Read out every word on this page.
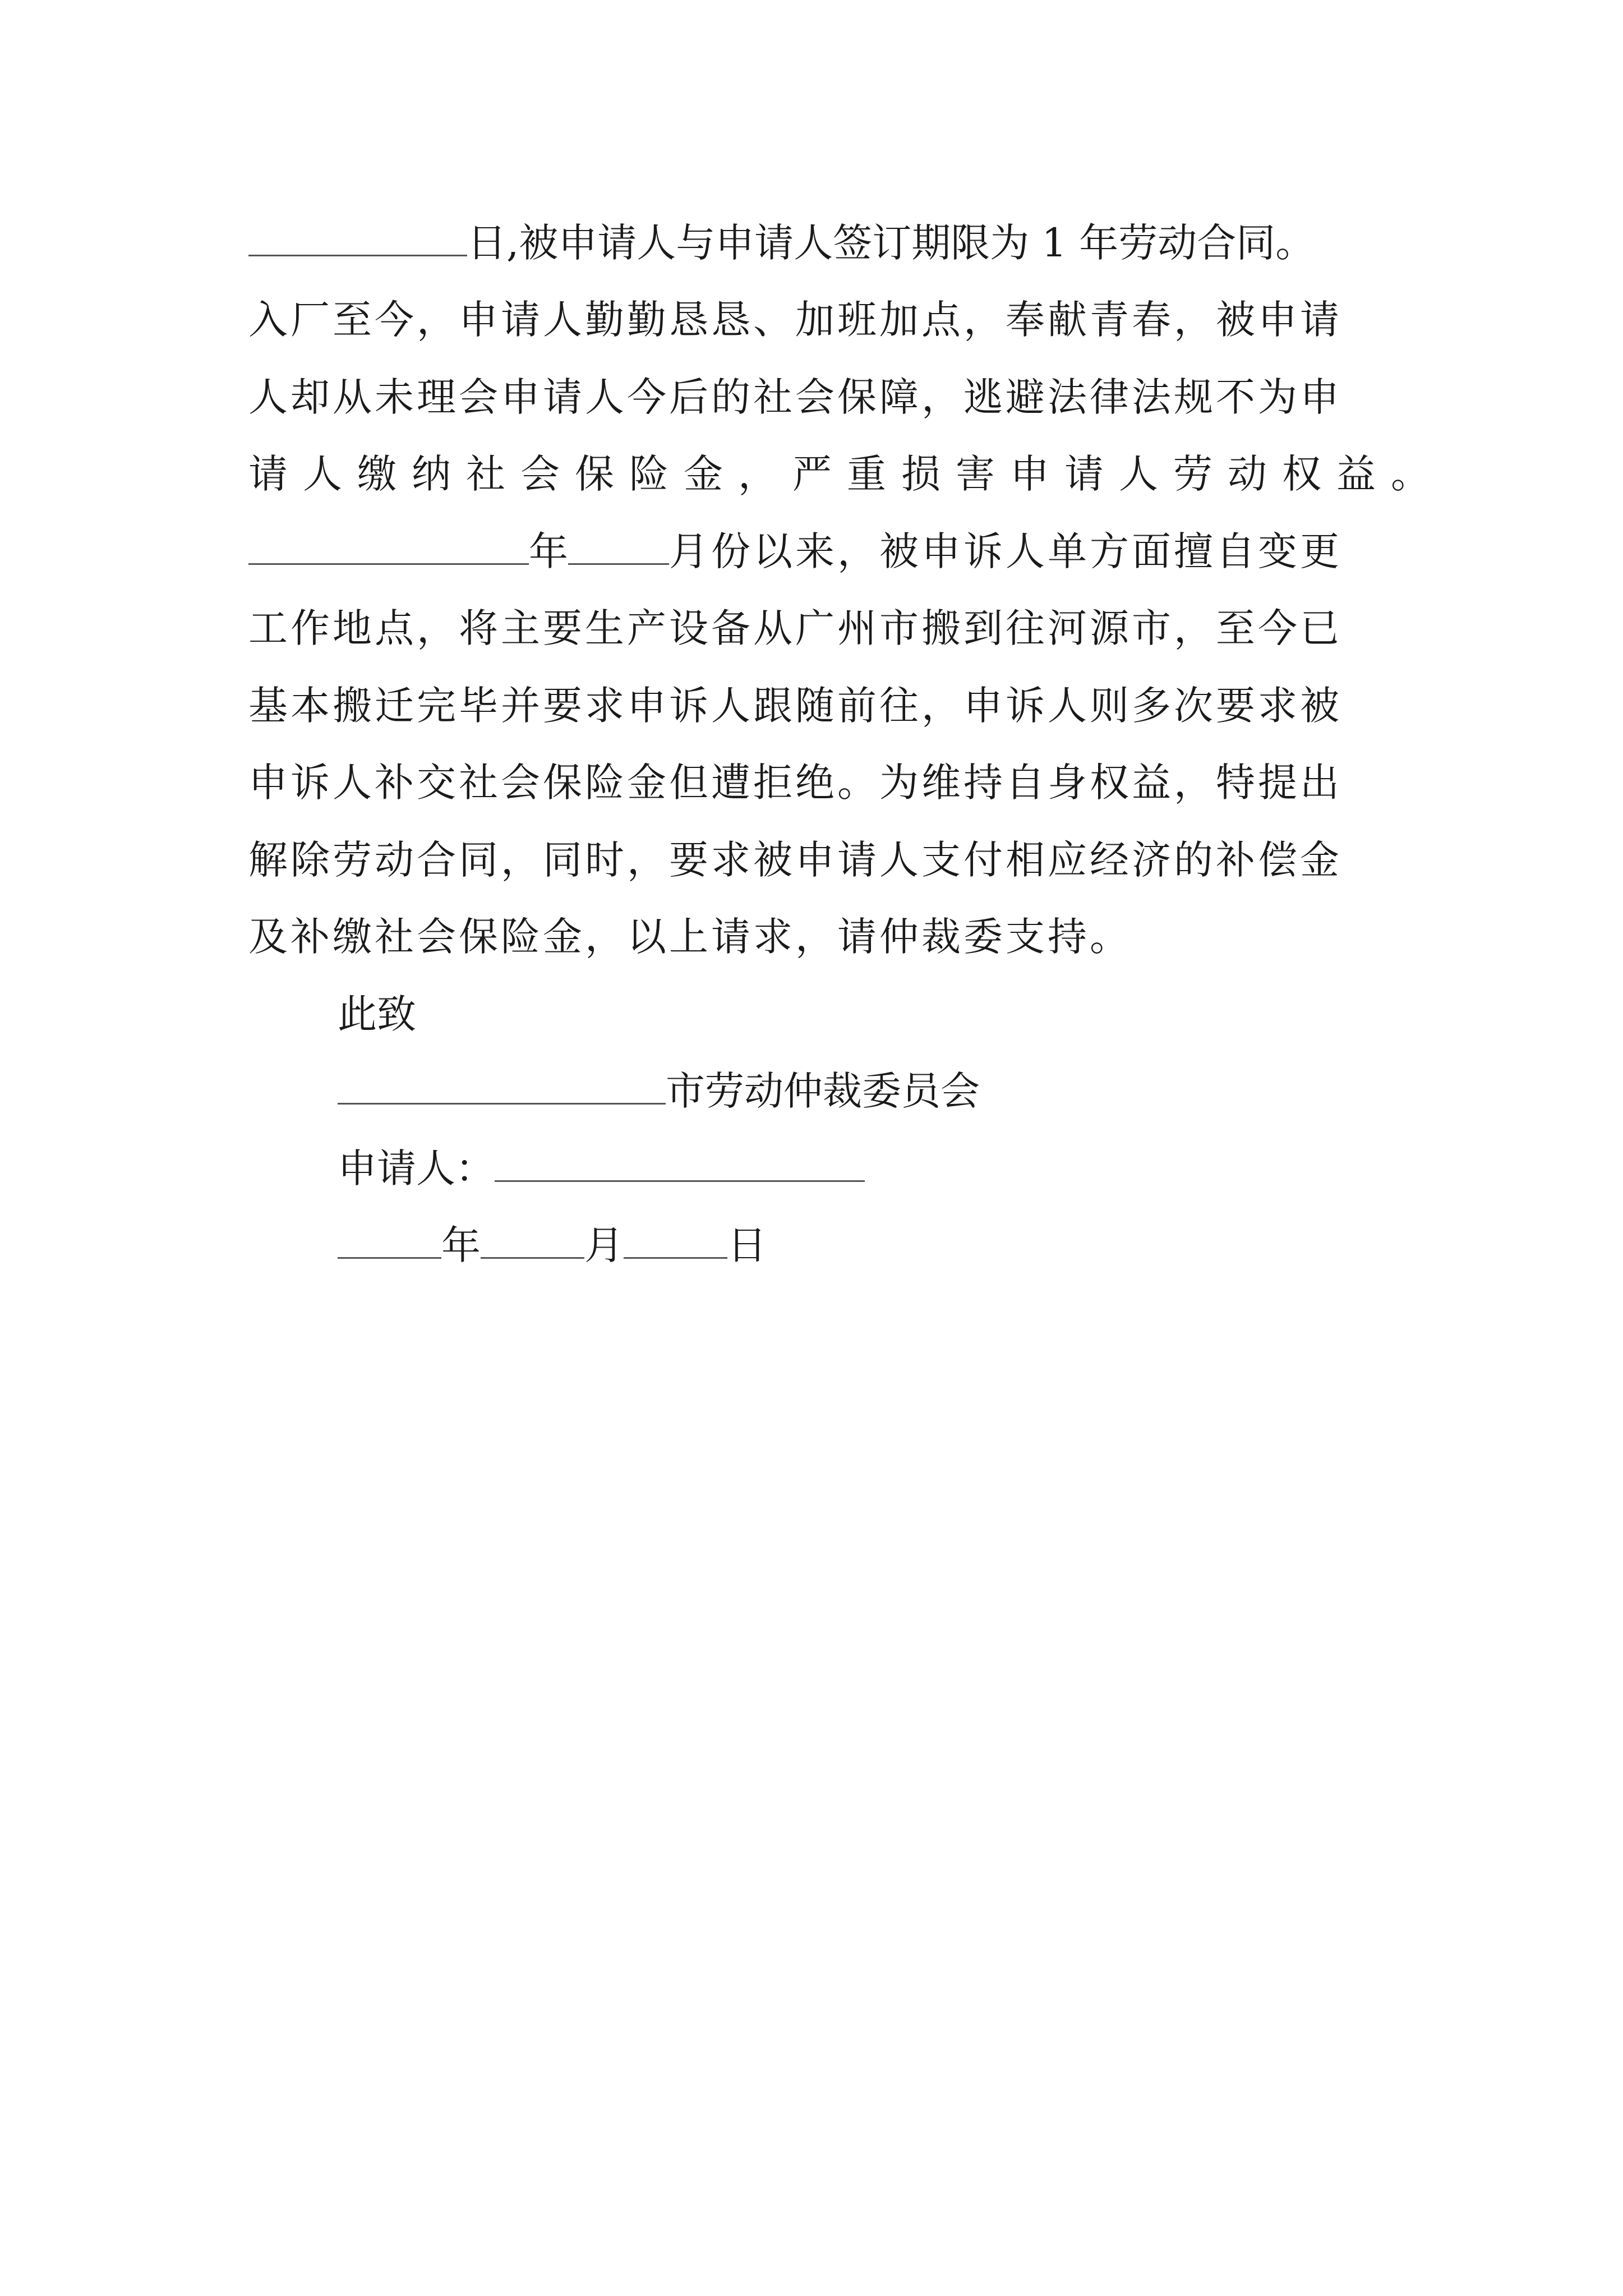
日,被申请人与申请人签订期限为 1 年劳动合同。
入厂至今，申请人勤勤恳恳、加班加点，奉献青春，被申请
人却从未理会申请人今后的社会保障，逃避法律法规不为申
请人缴纳社会保险金，严重损害申请人劳动权益。
年	月份以来，被申诉人单方面擅自变更
工作地点，将主要生产设备从广州市搬到往河源市，至今已
基本搬迁完毕并要求申诉人跟随前往，申诉人则多次要求被
申诉人补交社会保险金但遭拒绝。为维持自身权益，特提出
解除劳动合同，同时，要求被申请人支付相应经济的补偿金
及补缴社会保险金，以上请求，请仲裁委支持。
此致
市劳动仲裁委员会
申请人：
年	月	日
